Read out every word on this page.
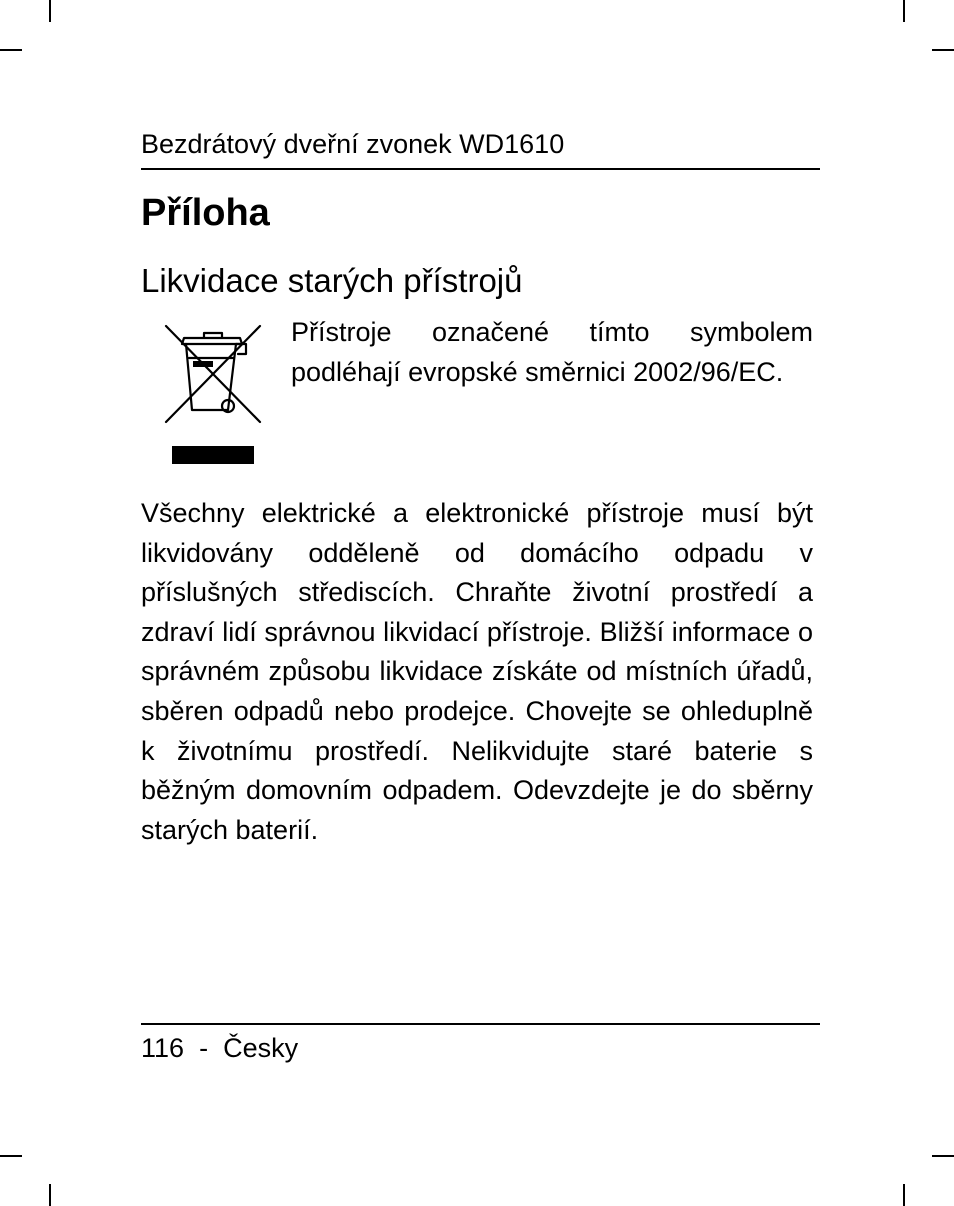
Bezdrátový dveřní zvonek WD1610
Příloha
Likvidace starých přístrojů
Přístroje označené tímto symbolem podléhají evropské směrnici 2002/96/EC.
Všechny elektrické a elektronické přístroje musí být likvidovány odděleně od domácího odpadu v příslušných střediscích. Chraňte životní prostředí a zdraví lidí správnou likvidací přístroje. Bližší informace o správném způsobu likvidace získáte od místních úřadů, sběren odpadů nebo prodejce. Chovejte se ohleduplně k životnímu prostředí. Nelikvidujte staré baterie s běžným domovním odpadem. Odevzdejte je do sběrny starých baterií.
116 - Česky
